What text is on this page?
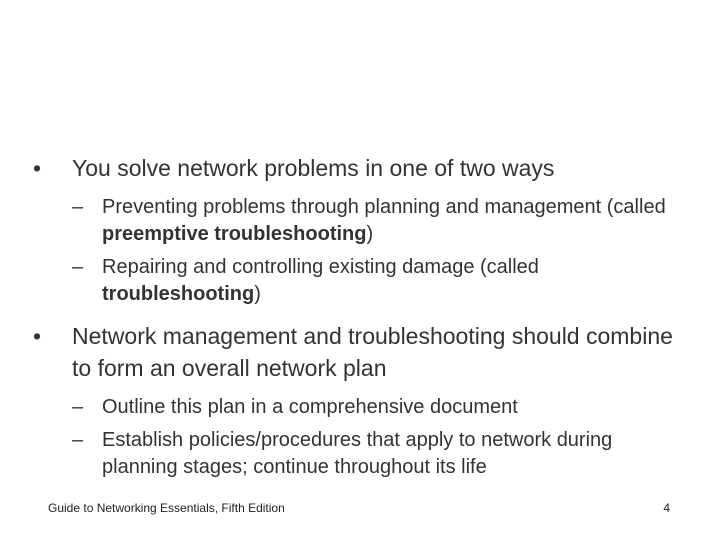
•	You solve network problems in one of two ways
– Preventing problems through planning and management (called preemptive troubleshooting)
– Repairing and controlling existing damage (called troubleshooting)
•	Network management and troubleshooting should combine to form an overall network plan
– Outline this plan in a comprehensive document
– Establish policies/procedures that apply to network during planning stages; continue throughout its life
Guide to Networking Essentials, Fifth Edition	4
